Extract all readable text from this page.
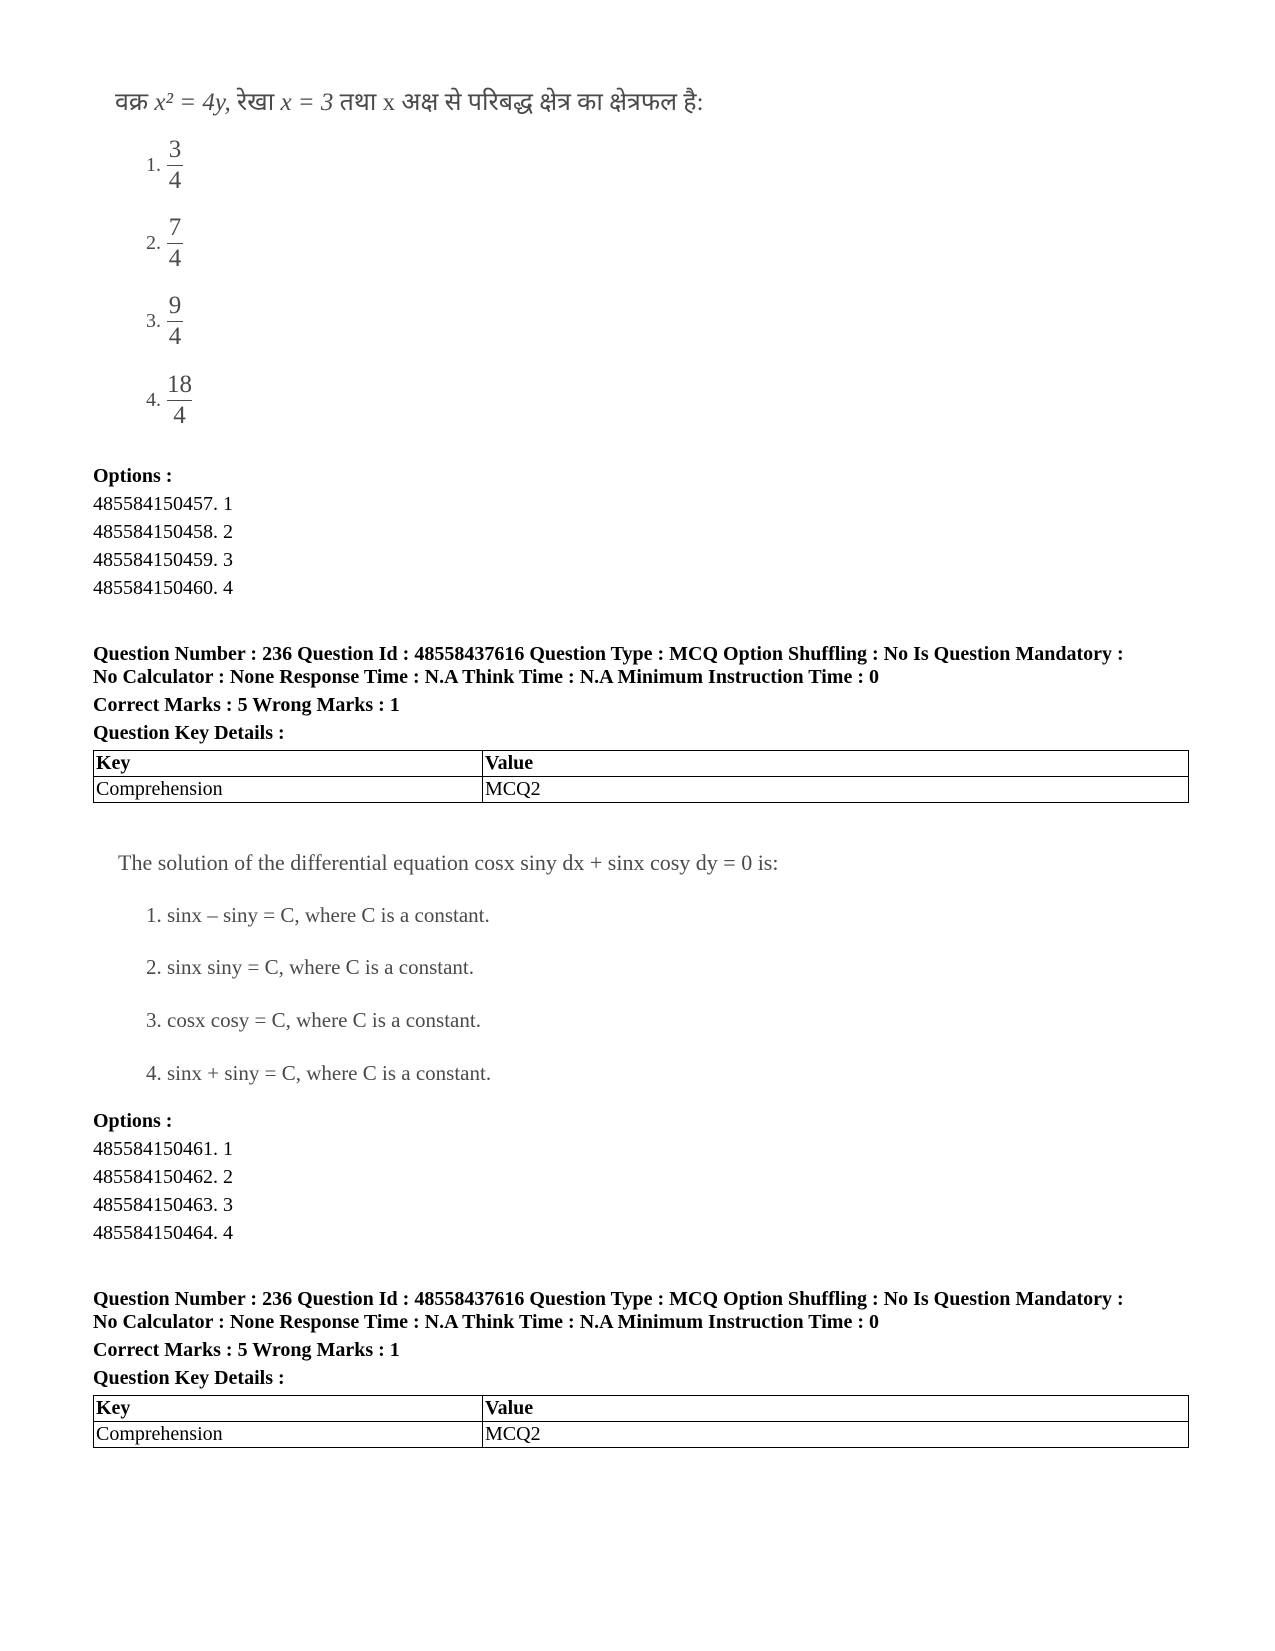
वक्र x² = 4y, रेखा x = 3 तथा x अक्ष से परिबद्ध क्षेत्र का क्षेत्रफल है:
1. $\frac{3}{4}$
2. $\frac{7}{4}$
3. $\frac{9}{4}$
4. $\frac{18}{4}$
Options :
485584150457. 1
485584150458. 2
485584150459. 3
485584150460. 4
Question Number : 236 Question Id : 48558437616 Question Type : MCQ Option Shuffling : No Is Question Mandatory :
No Calculator : None Response Time : N.A Think Time : N.A Minimum Instruction Time : 0
Correct Marks : 5 Wrong Marks : 1
Question Key Details :
Key	Value
Comprehension	MCQ2
The solution of the differential equation cosx siny dx + sinx cosy dy = 0 is:
1. sinx – siny = C, where C is a constant.
2. sinx siny = C, where C is a constant.
3. cosx cosy = C, where C is a constant.
4. sinx + siny = C, where C is a constant.
Options :
485584150461. 1
485584150462. 2
485584150463. 3
485584150464. 4
Question Number : 236 Question Id : 48558437616 Question Type : MCQ Option Shuffling : No Is Question Mandatory :
No Calculator : None Response Time : N.A Think Time : N.A Minimum Instruction Time : 0
Correct Marks : 5 Wrong Marks : 1
Question Key Details :
Key	Value
Comprehension	MCQ2
